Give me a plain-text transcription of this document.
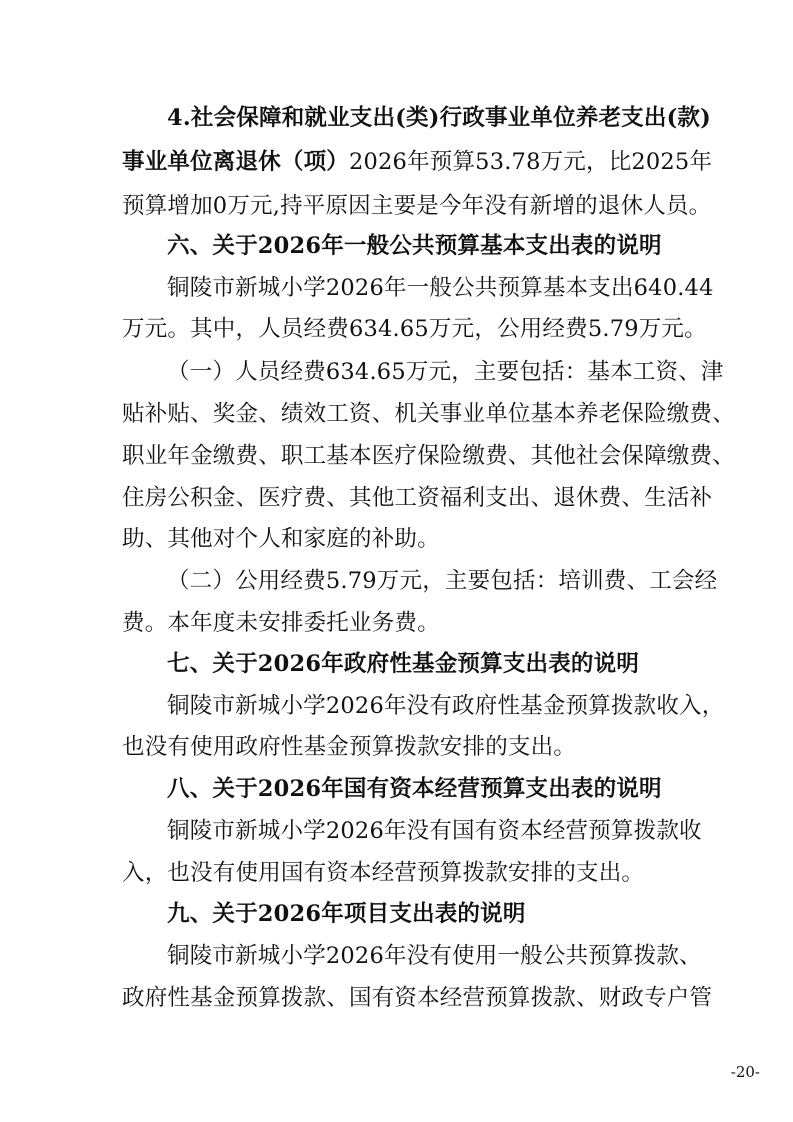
4.社会保障和就业支出(类)行政事业单位养老支出(款)
事业单位离退休（项）2026年预算53.78万元，比2025年
预算增加0万元,持平原因主要是今年没有新增的退休人员。
六、关于2026年一般公共预算基本支出表的说明
铜陵市新城小学2026年一般公共预算基本支出640.44
万元。其中，人员经费634.65万元，公用经费5.79万元。
（一）人员经费634.65万元，主要包括：基本工资、津
贴补贴、奖金、绩效工资、机关事业单位基本养老保险缴费、
职业年金缴费、职工基本医疗保险缴费、其他社会保障缴费、
住房公积金、医疗费、其他工资福利支出、退休费、生活补
助、其他对个人和家庭的补助。
（二）公用经费5.79万元，主要包括：培训费、工会经
费。本年度未安排委托业务费。
七、关于2026年政府性基金预算支出表的说明
铜陵市新城小学2026年没有政府性基金预算拨款收入，
也没有使用政府性基金预算拨款安排的支出。
八、关于2026年国有资本经营预算支出表的说明
铜陵市新城小学2026年没有国有资本经营预算拨款收
入，也没有使用国有资本经营预算拨款安排的支出。
九、关于2026年项目支出表的说明
铜陵市新城小学2026年没有使用一般公共预算拨款、
政府性基金预算拨款、国有资本经营预算拨款、财政专户管
-20-
